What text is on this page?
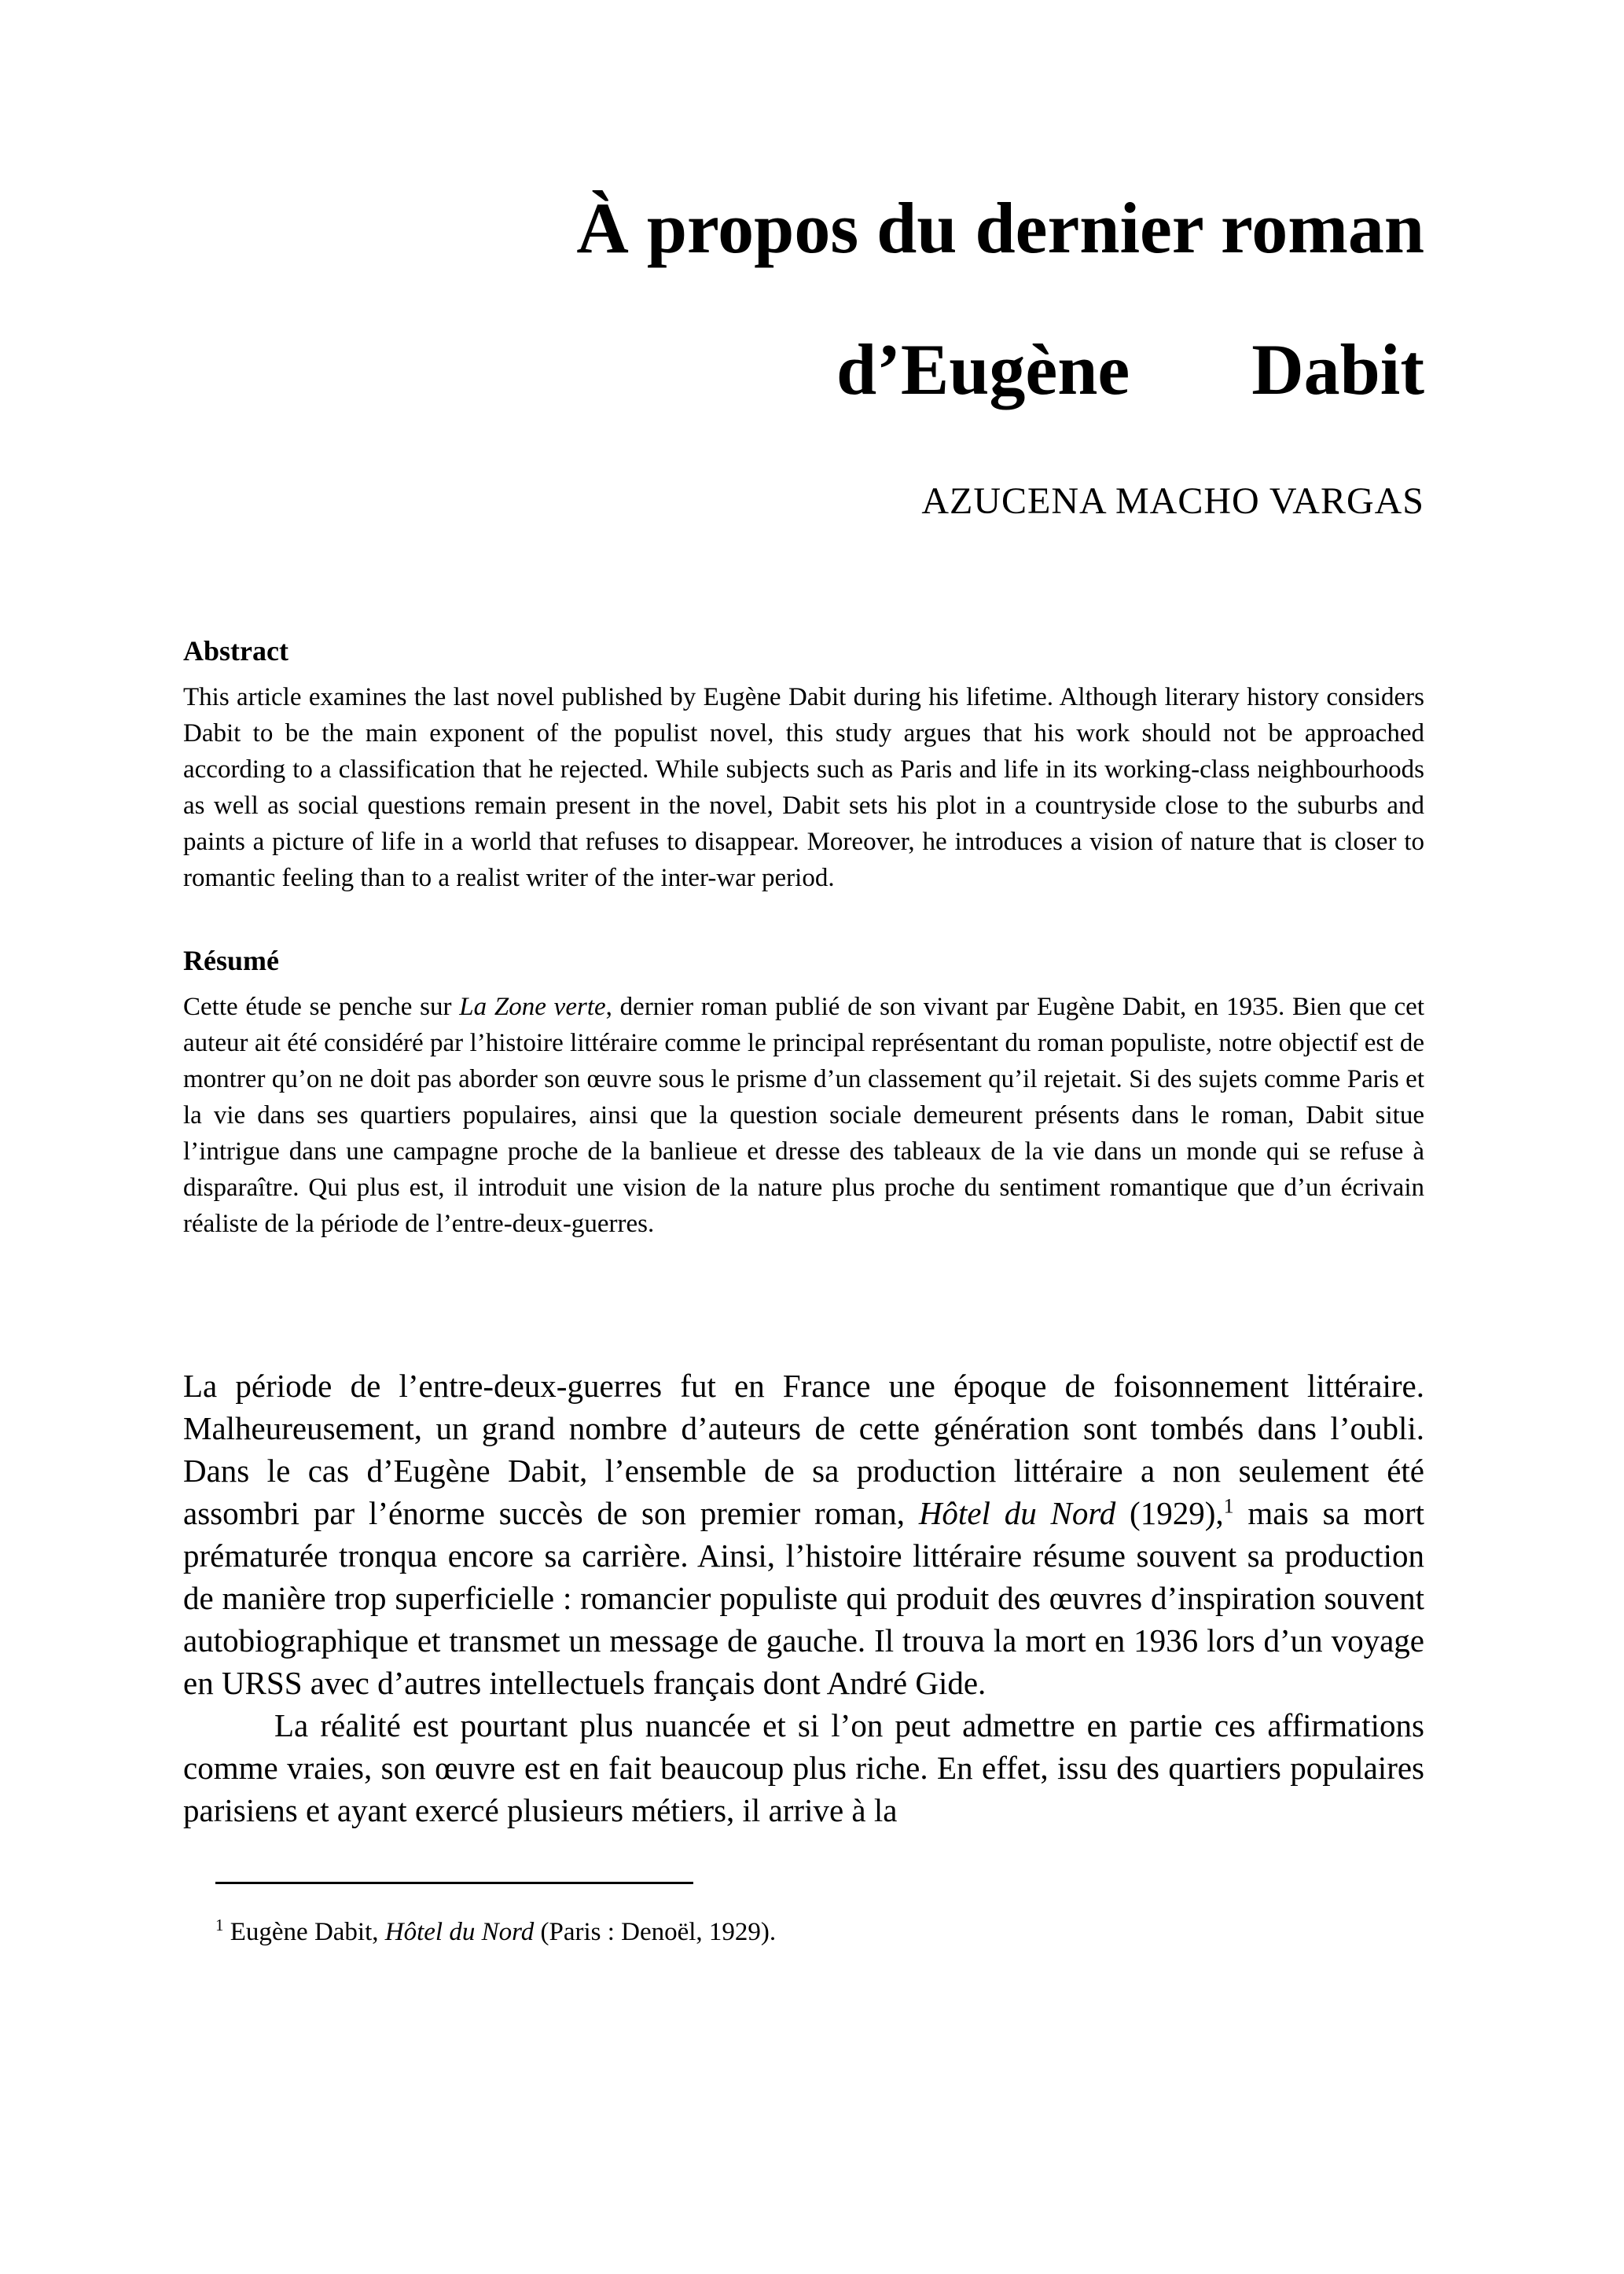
À propos du dernier roman
d’Eugène Dabit
AZUCENA MACHO VARGAS
Abstract

This article examines the last novel published by Eugène Dabit during his lifetime. Although literary history considers Dabit to be the main exponent of the populist novel, this study argues that his work should not be approached according to a classification that he rejected. While subjects such as Paris and life in its working-class neighbourhoods as well as social questions remain present in the novel, Dabit sets his plot in a countryside close to the suburbs and paints a picture of life in a world that refuses to disappear. Moreover, he introduces a vision of nature that is closer to romantic feeling than to a realist writer of the inter-war period.

Résumé

Cette étude se penche sur La Zone verte, dernier roman publié de son vivant par Eugène Dabit, en 1935. Bien que cet auteur ait été considéré par l’histoire littéraire comme le principal représentant du roman populiste, notre objectif est de montrer qu’on ne doit pas aborder son œuvre sous le prisme d’un classement qu’il rejetait. Si des sujets comme Paris et la vie dans ses quartiers populaires, ainsi que la question sociale demeurent présents dans le roman, Dabit situe l’intrigue dans une campagne proche de la banlieue et dresse des tableaux de la vie dans un monde qui se refuse à disparaître. Qui plus est, il introduit une vision de la nature plus proche du sentiment romantique que d’un écrivain réaliste de la période de l’entre-deux-guerres.

La période de l’entre-deux-guerres fut en France une époque de foisonnement littéraire. Malheureusement, un grand nombre d’auteurs de cette génération sont tombés dans l’oubli. Dans le cas d’Eugène Dabit, l’ensemble de sa production littéraire a non seulement été assombri par l’énorme succès de son premier roman, Hôtel du Nord (1929),$^1$ mais sa mort prématurée tronqua encore sa carrière. Ainsi, l’histoire littéraire résume souvent sa production de manière trop superficielle : romancier populiste qui produit des œuvres d’inspiration souvent autobiographique et transmet un message de gauche. Il trouva la mort en 1936 lors d’un voyage en URSS avec d’autres intellectuels français dont André Gide.

La réalité est pourtant plus nuancée et si l’on peut admettre en partie ces affirmations comme vraies, son œuvre est en fait beaucoup plus riche. En effet, issu des quartiers populaires parisiens et ayant exercé plusieurs métiers, il arrive à la

$^1$ Eugène Dabit, Hôtel du Nord (Paris : Denoël, 1929).
